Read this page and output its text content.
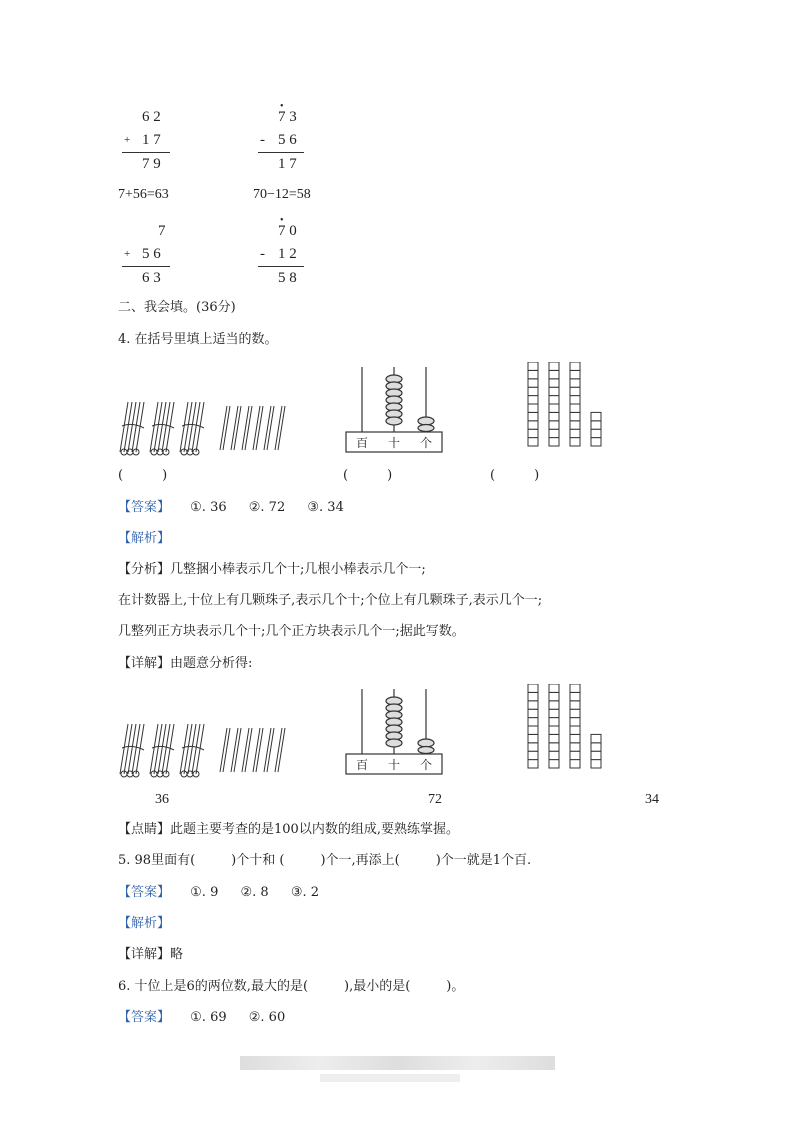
6 2
+ 1 7
7 9
•
7 3
- 5 6
1 7
7+56=63	70−12=58
7
+ 5 6
6 3
•
7 0
- 1 2
5 8
二、我会填。(36分)
4. 在括号里填上适当的数。
百 十 个
(　　　)	(　　　)	(　　　)
【答案】 ①. 36 ②. 72 ③. 34
【解析】
【分析】几整捆小棒表示几个十;几根小棒表示几个一;
在计数器上,十位上有几颗珠子,表示几个十;个位上有几颗珠子,表示几个一;
几整列正方块表示几个十;几个正方块表示几个一;据此写数。
【详解】由题意分析得:
百 十 个
36	72	34
【点睛】此题主要考查的是100以内数的组成,要熟练掌握。
5. 98里面有(	)个十和 (	)个一,再添上(	)个一就是1个百.
【答案】 ①. 9 ②. 8 ③. 2
【解析】
【详解】略
6. 十位上是6的两位数,最大的是(	),最小的是(	)。
【答案】 ①. 69 ②. 60
